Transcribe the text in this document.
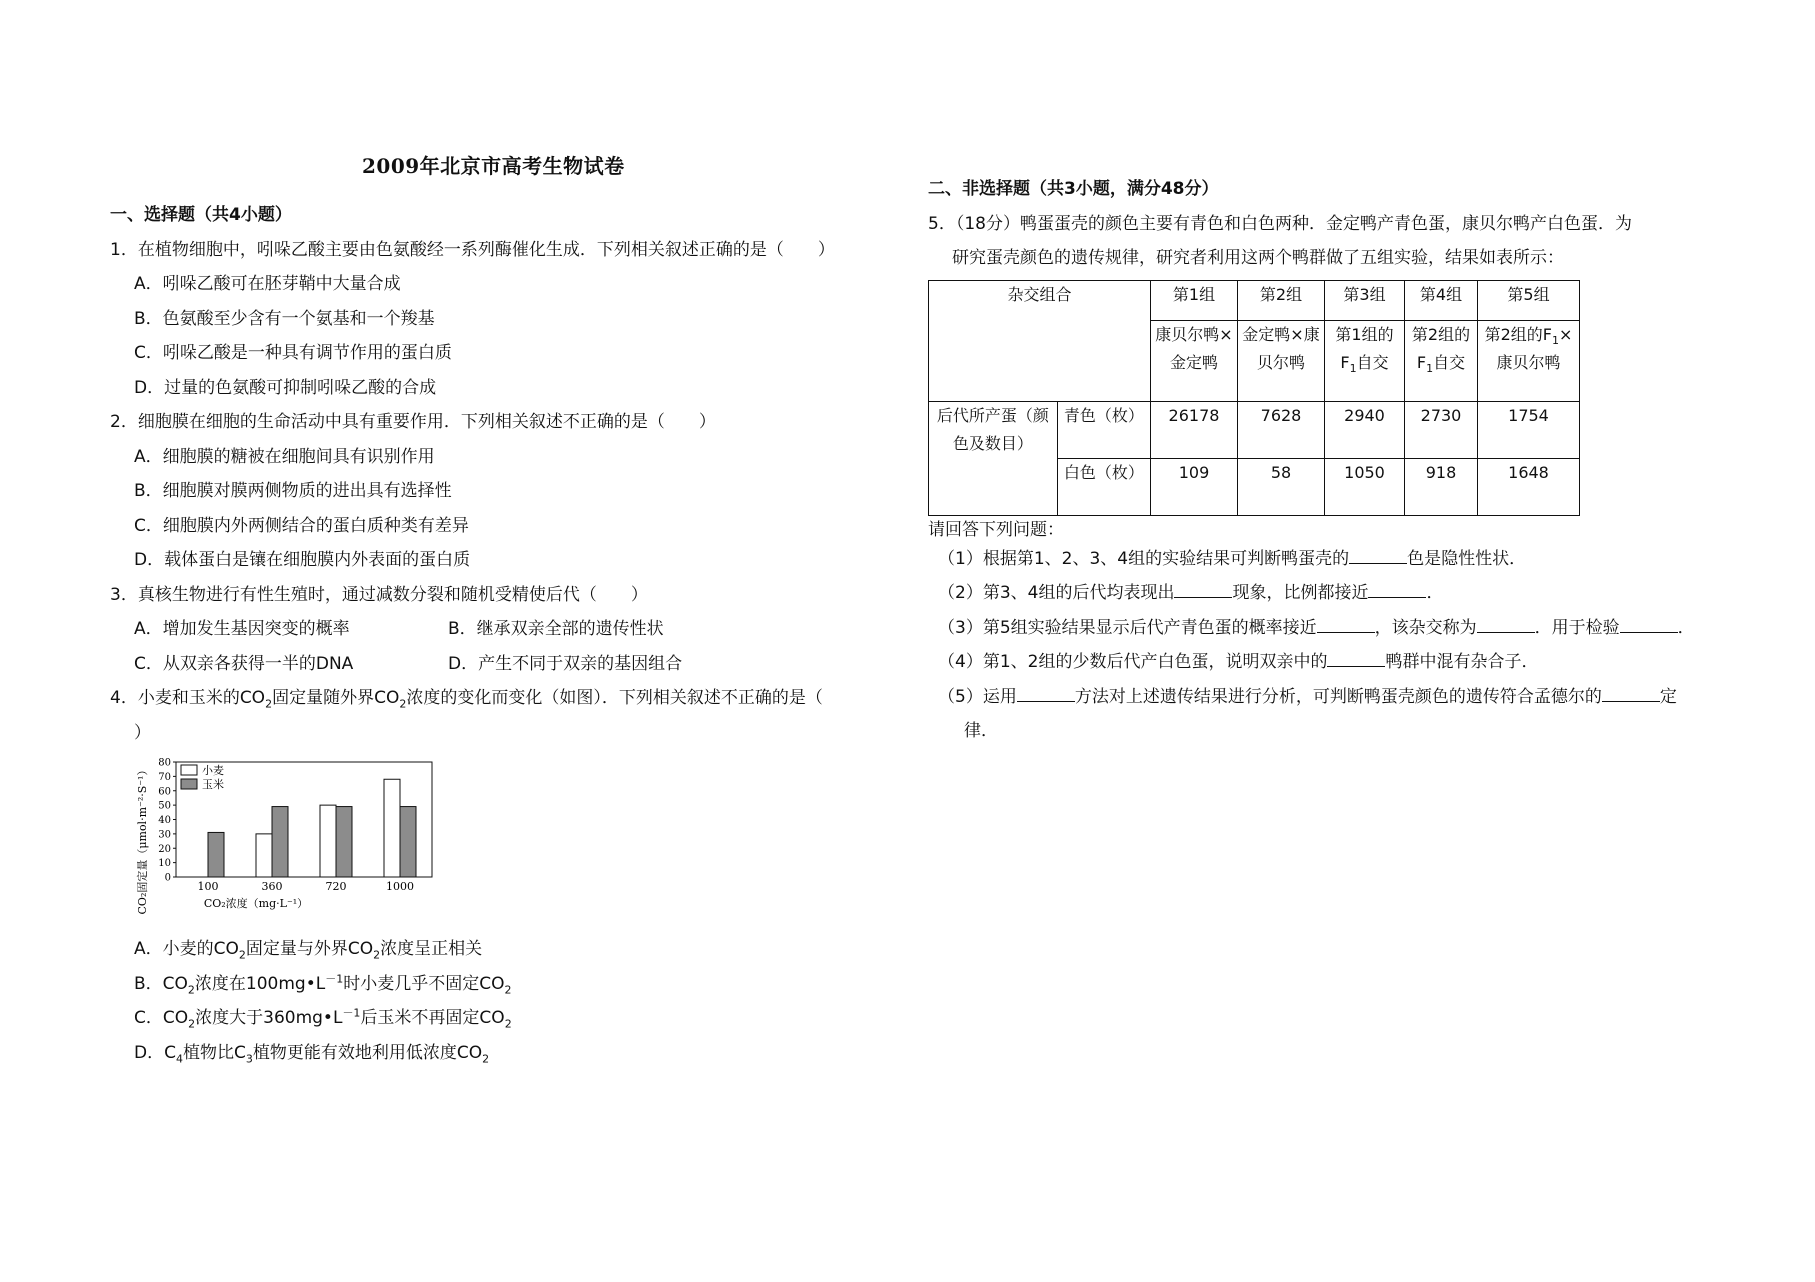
2009年北京市高考生物试卷
一、选择题（共4小题）
1．在植物细胞中，吲哚乙酸主要由色氨酸经一系列酶催化生成．下列相关叙述正确的是（　　）
A．吲哚乙酸可在胚芽鞘中大量合成
B．色氨酸至少含有一个氨基和一个羧基
C．吲哚乙酸是一种具有调节作用的蛋白质
D．过量的色氨酸可抑制吲哚乙酸的合成
2．细胞膜在细胞的生命活动中具有重要作用．下列相关叙述不正确的是（　　）
A．细胞膜的糖被在细胞间具有识别作用
B．细胞膜对膜两侧物质的进出具有选择性
C．细胞膜内外两侧结合的蛋白质种类有差异
D．载体蛋白是镶在细胞膜内外表面的蛋白质
3．真核生物进行有性生殖时，通过减数分裂和随机受精使后代（　　）
A．增加发生基因突变的概率	B．继承双亲全部的遗传性状
C．从双亲各获得一半的DNA	D．产生不同于双亲的基因组合
4．小麦和玉米的$CO_2$固定量随外界$CO_2$浓度的变化而变化（如图）．下列相关叙述不正确的是（
）
0
10
20
30
40
50
60
70
80
100	360	720	1000
小麦
玉米
CO₂浓度（mg·L⁻¹）
CO₂固定量（μmol·m⁻²·S⁻¹）
A．小麦的$CO_2$固定量与外界$CO_2$浓度呈正相关
B．$CO_2$浓度在$100mg•L^{-1}$时小麦几乎不固定$CO_2$
C．$CO_2$浓度大于$360mg•L^{-1}$后玉米不再固定$CO_2$
D．$C_4$植物比$C_3$植物更能有效地利用低浓度$CO_2$
二、非选择题（共3小题，满分48分）
5．（18分）鸭蛋蛋壳的颜色主要有青色和白色两种．金定鸭产青色蛋，康贝尔鸭产白色蛋．为
研究蛋壳颜色的遗传规律，研究者利用这两个鸭群做了五组实验，结果如表所示：
杂交组合		第1组	第2组	第3组	第4组	第5组
		康贝尔鸭×金定鸭	金定鸭×康贝尔鸭	第1组的$F_1$自交	第2组的$F_1$自交	第2组的$F_1\times$康贝尔鸭
后代所产蛋（颜色及数目）	青色（枚）	26178	7628	2940	2730	1754
	白色（枚）	109	58	1050	918	1648
请回答下列问题：
（1）根据第1、2、3、4组的实验结果可判断鸭蛋壳的	色是隐性性状．
（2）第3、4组的后代均表现出	现象，比例都接近	．
（3）第5组实验结果显示后代产青色蛋的概率接近	，该杂交称为	．用于检验	．
（4）第1、2组的少数后代产白色蛋，说明双亲中的	鸭群中混有杂合子．
（5）运用	方法对上述遗传结果进行分析，可判断鸭蛋壳颜色的遗传符合孟德尔的	定
律．
